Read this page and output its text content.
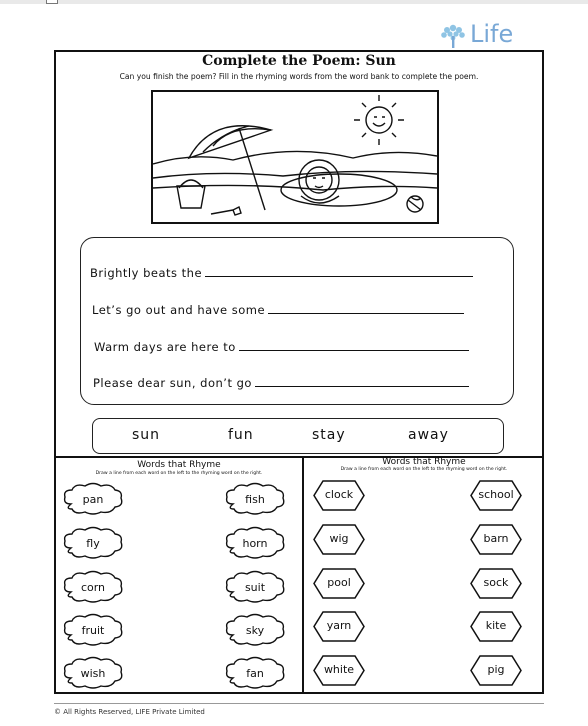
Life
Complete the Poem: Sun
Can you finish the poem? Fill in the rhyming words from the word bank to complete the poem.
Brightly beats the
Let’s go out and have some
Warm days are here to
Please dear sun, don’t go
sun	fun	stay	away
Words that Rhyme
Draw a line from each word on the left to the rhyming word on the right.
Words that Rhyme
Draw a line from each word on the left to the rhyming word on the right.
pan
fly
corn
fruit
wish
fish
horn
suit
sky
fan
clock
wig
pool
yarn
white
school
barn
sock
kite
pig
© All Rights Reserved, LIFE Private Limited
